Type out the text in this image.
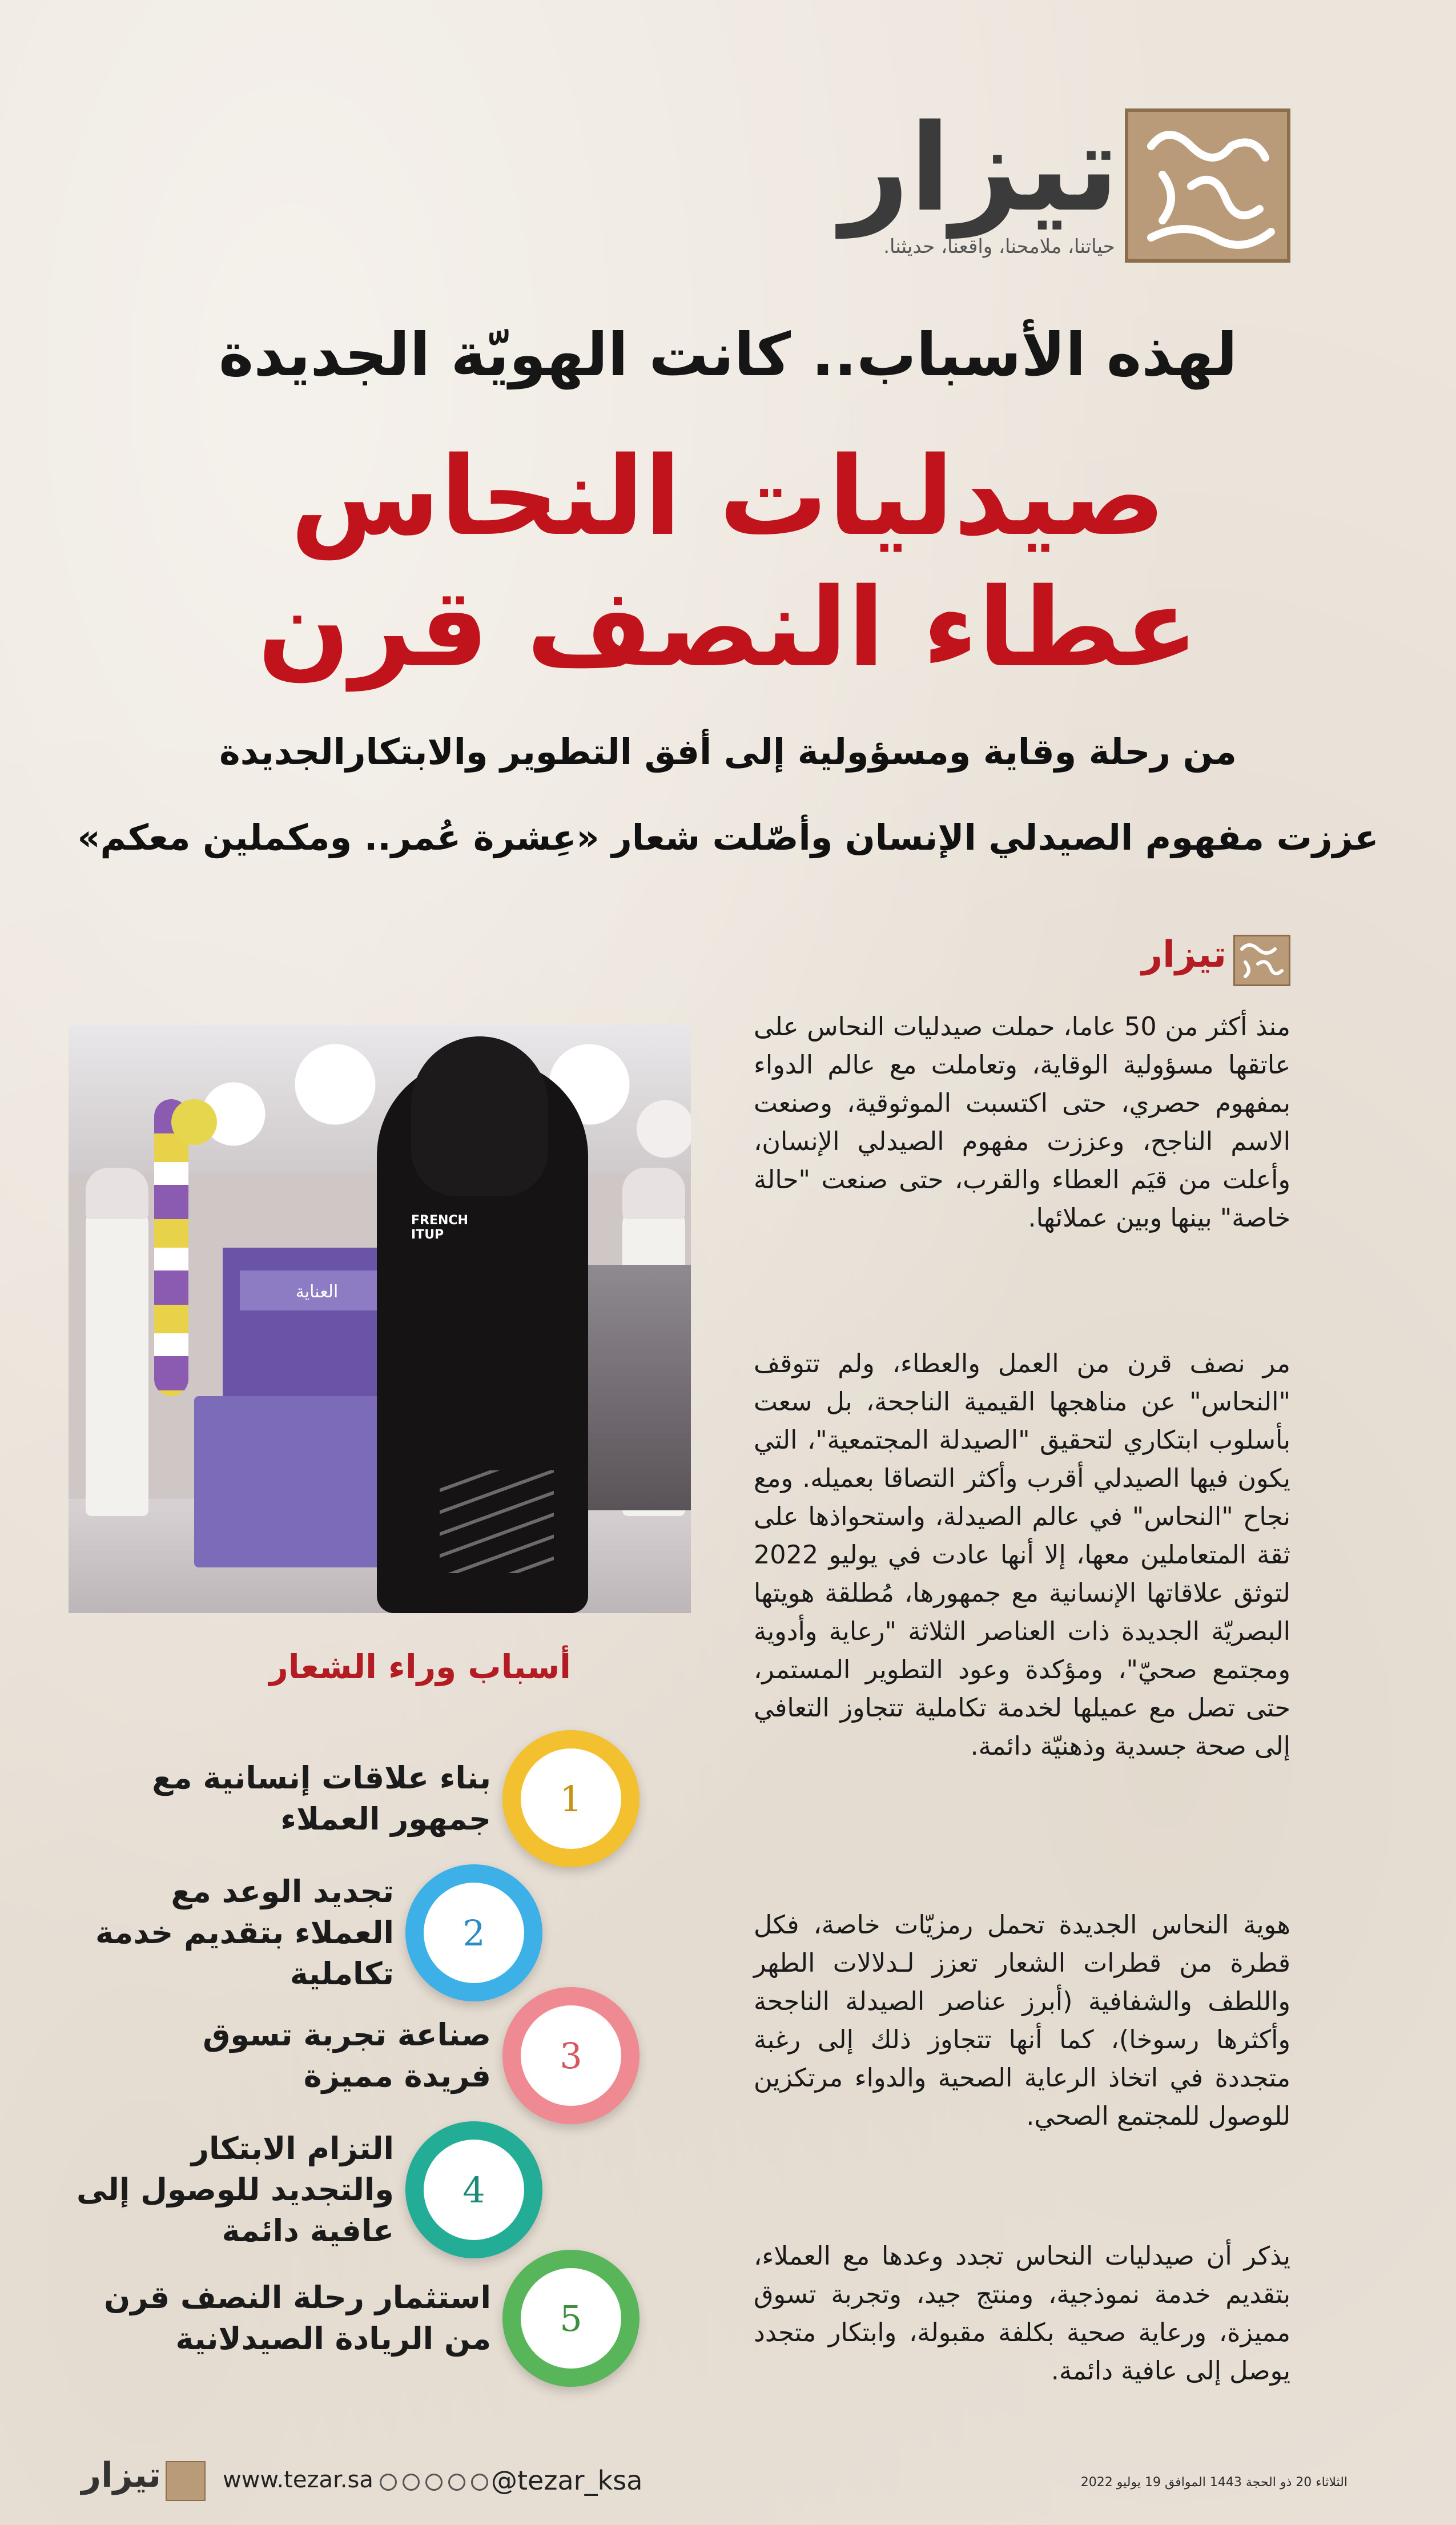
تيزار
حياتنا، ملامحنا، واقعنا، حديثنا.
لهذه الأسباب.. كانت الهويّة الجديدة
صيدليات النحاس
عطاء النصف قرن
من رحلة وقاية ومسؤولية إلى أفق التطوير والابتكارالجديدة
عززت مفهوم الصيدلي الإنسان وأصّلت شعار «عِشرة عُمر.. ومكملين معكم»
تيزار

منذ أكثر من 50 عاما، حملت صيدليات النحاس على عاتقها مسؤولية الوقاية، وتعاملت مع عالم الدواء بمفهوم حصري، حتى اكتسبت الموثوقية، وصنعت الاسم الناجح، وعززت مفهوم الصيدلي الإنسان، وأعلت من قيَم العطاء والقرب، حتى صنعت "حالة خاصة" بينها وبين عملائها.

مر نصف قرن من العمل والعطاء، ولم تتوقف "النحاس" عن مناهجها القيمية الناجحة، بل سعت بأسلوب ابتكاري لتحقيق "الصيدلة المجتمعية"، التي يكون فيها الصيدلي أقرب وأكثر التصاقا بعميله. ومع نجاح "النحاس" في عالم الصيدلة، واستحواذها على ثقة المتعاملين معها، إلا أنها عادت في يوليو 2022 لتوثق علاقاتها الإنسانية مع جمهورها، مُطلقة هويتها البصريّة الجديدة ذات العناصر الثلاثة "رعاية وأدوية ومجتمع صحيّ"، ومؤكدة وعود التطوير المستمر، حتى تصل مع عميلها لخدمة تكاملية تتجاوز التعافي إلى صحة جسدية وذهنيّة دائمة.

هوية النحاس الجديدة تحمل رمزيّات خاصة، فكل قطرة من قطرات الشعار تعزز لـدلالات الطهر واللطف والشفافية (أبرز عناصر الصيدلة الناجحة وأكثرها رسوخا)، كما أنها تتجاوز ذلك إلى رغبة متجددة في اتخاذ الرعاية الصحية والدواء مرتكزين للوصول للمجتمع الصحي.

يذكر أن صيدليات النحاس تجدد وعدها مع العملاء، بتقديم خدمة نموذجية، ومنتج جيد، وتجربة تسوق مميزة، ورعاية صحية بكلفة مقبولة، وابتكار متجدد يوصل إلى عافية دائمة.

العناية
FRENCH ITUP
أسباب وراء الشعار
1
بناء علاقات إنسانية مع جمهور العملاء
2
تجديد الوعد مع العملاء بتقديم خدمة تكاملية
3
صناعة تجربة تسوق فريدة مميزة
4
التزام الابتكار والتجديد للوصول إلى عافية دائمة
5
استثمار رحلة النصف قرن من الريادة الصيدلانية
الثلاثاء 20 ذو الحجة 1443 الموافق 19 يوليو 2022
@tezar_ksa
www.tezar.sa
تيزار
